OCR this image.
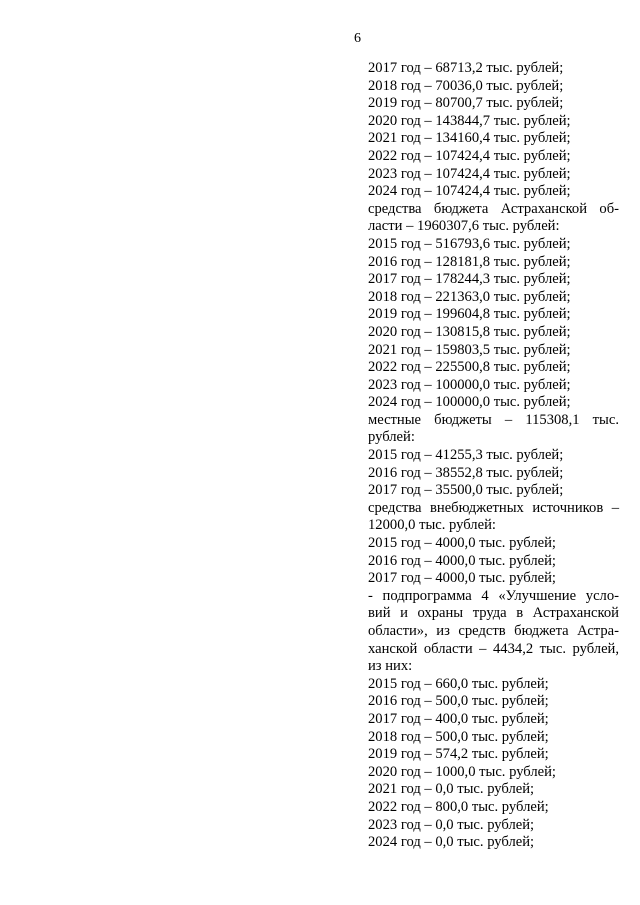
6
2017 год – 68713,2 тыс. рублей;
2018 год – 70036,0 тыс. рублей;
2019 год – 80700,7 тыс. рублей;
2020 год – 143844,7 тыс. рублей;
2021 год – 134160,4 тыс. рублей;
2022 год – 107424,4 тыс. рублей;
2023 год – 107424,4 тыс. рублей;
2024 год – 107424,4 тыс. рублей;
средства бюджета Астраханской об-
ласти – 1960307,6 тыс. рублей:
2015 год – 516793,6 тыс. рублей;
2016 год – 128181,8 тыс. рублей;
2017 год – 178244,3 тыс. рублей;
2018 год – 221363,0 тыс. рублей;
2019 год – 199604,8 тыс. рублей;
2020 год – 130815,8 тыс. рублей;
2021 год – 159803,5 тыс. рублей;
2022 год – 225500,8 тыс. рублей;
2023 год – 100000,0 тыс. рублей;
2024 год – 100000,0 тыс. рублей;
местные бюджеты – 115308,1 тыс.
рублей:
2015 год – 41255,3 тыс. рублей;
2016 год – 38552,8 тыс. рублей;
2017 год – 35500,0 тыс. рублей;
средства внебюджетных источников –
12000,0 тыс. рублей:
2015 год – 4000,0 тыс. рублей;
2016 год – 4000,0 тыс. рублей;
2017 год – 4000,0 тыс. рублей;
- подпрограмма 4 «Улучшение усло-
вий и охраны труда в Астраханской
области», из средств бюджета Астра-
ханской области – 4434,2 тыс. рублей,
из них:
2015 год – 660,0 тыс. рублей;
2016 год – 500,0 тыс. рублей;
2017 год – 400,0 тыс. рублей;
2018 год – 500,0 тыс. рублей;
2019 год – 574,2 тыс. рублей;
2020 год – 1000,0 тыс. рублей;
2021 год – 0,0 тыс. рублей;
2022 год – 800,0 тыс. рублей;
2023 год – 0,0 тыс. рублей;
2024 год – 0,0 тыс. рублей;
